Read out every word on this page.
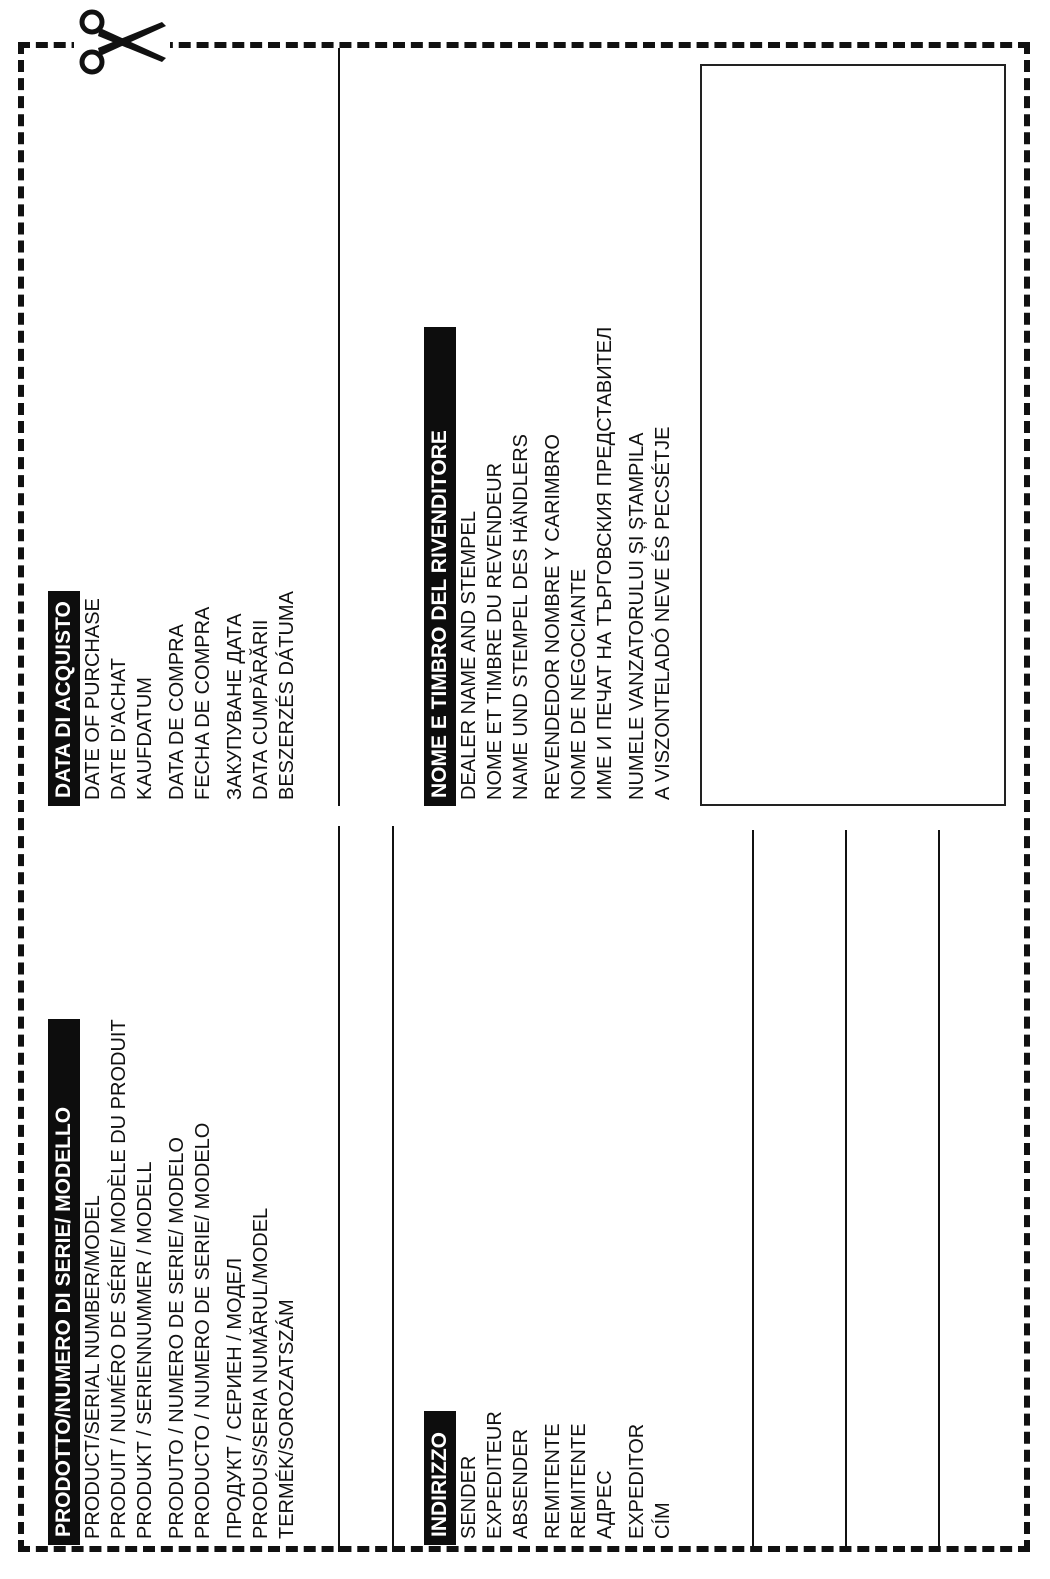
PRODOTTO/NUMERO DI SERIE/ MODELLO PRODUCT/SERIAL NUMBER/MODEL PRODUIT / NUMÉRO DE SÉRIE/ MODÈLE DU PRODUIT PRODUKT / SERIENNUMMER / MODELL PRODUTO / NUMERO DE SERIE/ MODELO PRODUCTO / NUMERO DE SERIE/ MODELO ПРОДУКТ / СЕРИЕН / МОДЕЛ PRODUS/SERIA NUMĂRUL/MODEL TERMÉK/SOROZATSZÁM
DATA DI ACQUISTO DATE OF PURCHASE DATE D'ACHAT KAUFDATUM DATA DE COMPRA FECHA DE COMPRA ЗАКУПУВАНЕ ДАТА DATA CUMPĂRĂRII BESZERZÉS DÁTUMA
INDIRIZZO SENDER EXPEDITEUR ABSENDER REMITENTE REMITENTE АДРЕС EXPEDITOR CÍM
NOME E TIMBRO DEL RIVENDITORE DEALER NAME AND STEMPEL NOME ET TIMBRE DU REVENDEUR NAME UND STEMPEL DES HÄNDLERS REVENDEDOR NOMBRE Y CARIMBRO NOME DE NEGOCIANTE ИМЕ И ПЕЧАТ НА ТЪРГОВСКИЯ ПРЕДСТАВИТЕЛ NUMELE VANZATORULUI ȘI ȘTAMPILA A VISZONTELADÓ NEVE ÉS PECSÉTJE
